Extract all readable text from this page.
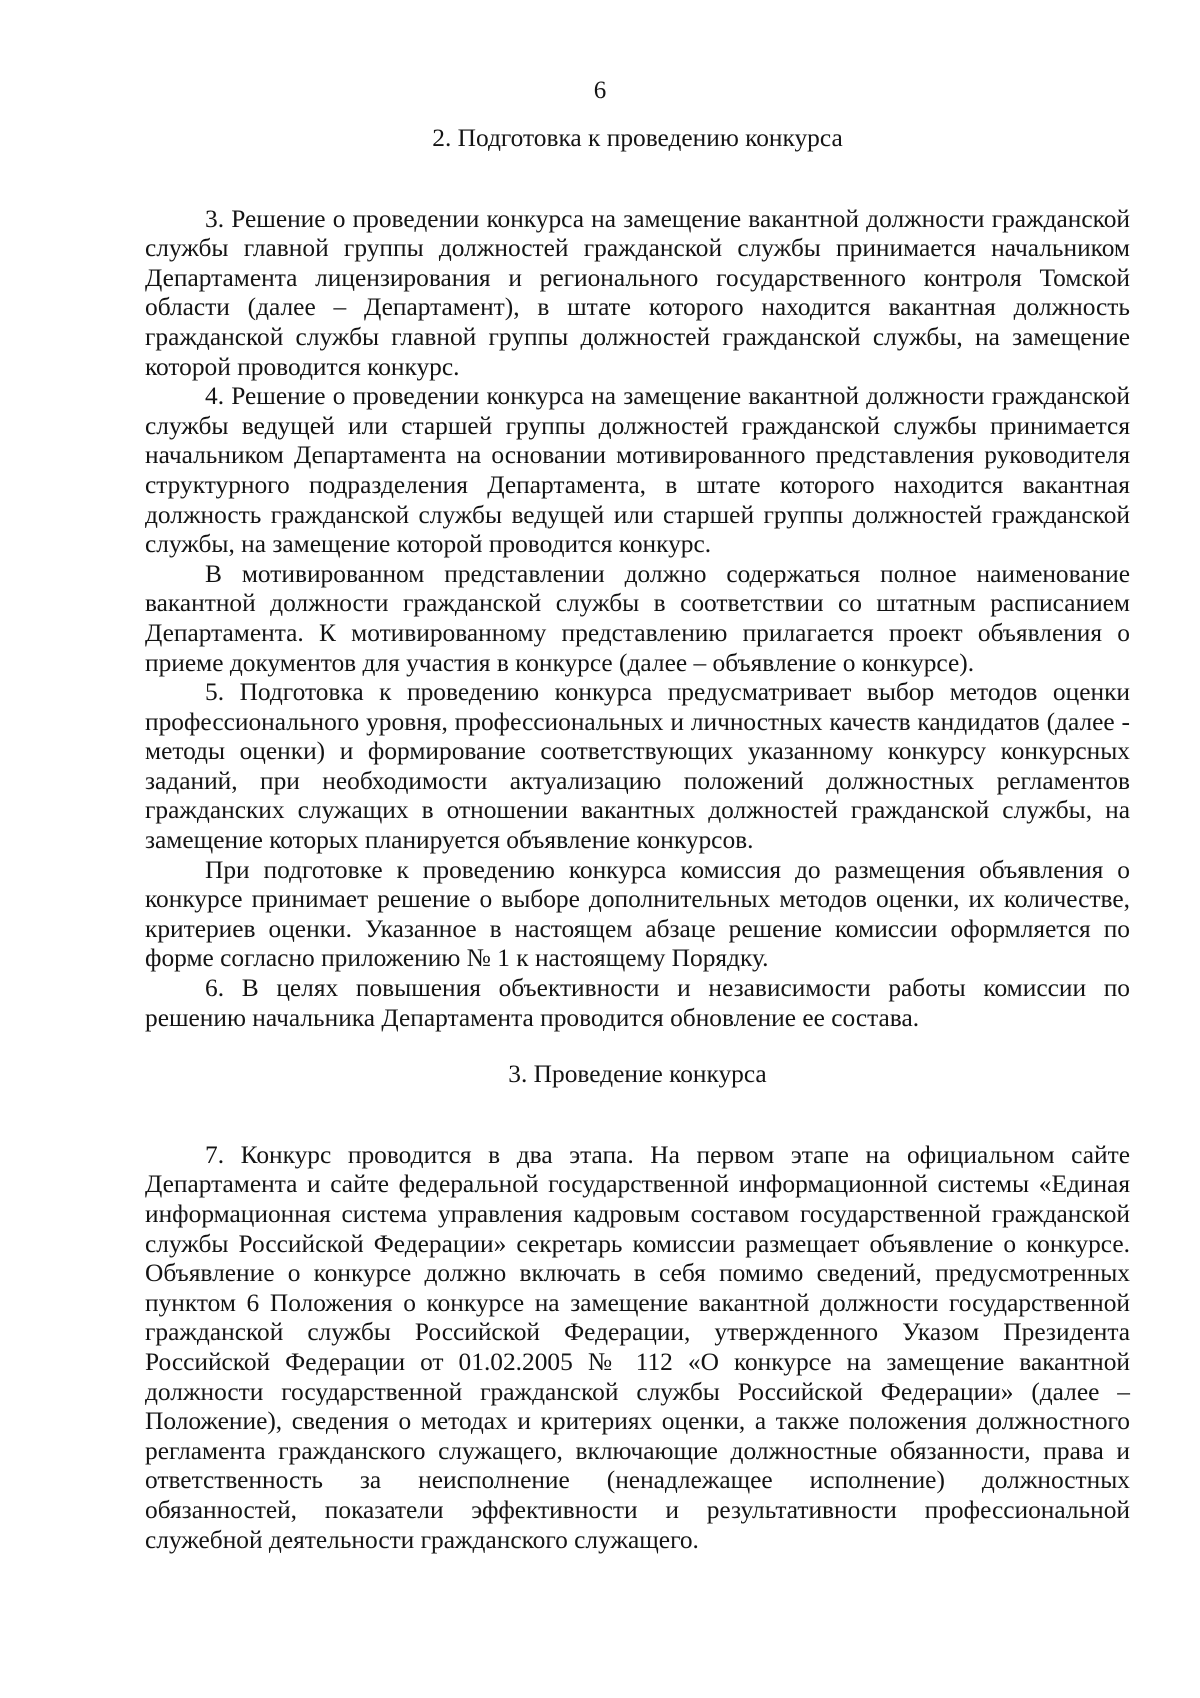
6
2. Подготовка к проведению конкурса

3. Решение о проведении конкурса на замещение вакантной должности гражданской службы главной группы должностей гражданской службы принимается начальником Департамента лицензирования и регионального государственного контроля Томской области (далее – Департамент), в штате которого находится вакантная должность гражданской службы главной группы должностей гражданской службы, на замещение которой проводится конкурс.

4. Решение о проведении конкурса на замещение вакантной должности гражданской службы ведущей или старшей группы должностей гражданской службы принимается начальником Департамента на основании мотивированного представления руководителя структурного подразделения Департамента, в штате которого находится вакантная должность гражданской службы ведущей или старшей группы должностей гражданской службы, на замещение которой проводится конкурс.

В мотивированном представлении должно содержаться полное наименование вакантной должности гражданской службы в соответствии со штатным расписанием Департамента. К мотивированному представлению прилагается проект объявления о приеме документов для участия в конкурсе (далее – объявление о конкурсе).

5. Подготовка к проведению конкурса предусматривает выбор методов оценки профессионального уровня, профессиональных и личностных качеств кандидатов (далее - методы оценки) и формирование соответствующих указанному конкурсу конкурсных заданий, при необходимости актуализацию положений должностных регламентов гражданских служащих в отношении вакантных должностей гражданской службы, на замещение которых планируется объявление конкурсов.

При подготовке к проведению конкурса комиссия до размещения объявления о конкурсе принимает решение о выборе дополнительных методов оценки, их количестве, критериев оценки. Указанное в настоящем абзаце решение комиссии оформляется по форме согласно приложению № 1 к настоящему Порядку.

6. В целях повышения объективности и независимости работы комиссии по решению начальника Департамента проводится обновление ее состава.

3. Проведение конкурса

7. Конкурс проводится в два этапа. На первом этапе на официальном сайте Департамента и сайте федеральной государственной информационной системы «Единая информационная система управления кадровым составом государственной гражданской службы Российской Федерации» секретарь комиссии размещает объявление о конкурсе. Объявление о конкурсе должно включать в себя помимо сведений, предусмотренных пунктом 6 Положения о конкурсе на замещение вакантной должности государственной гражданской службы Российской Федерации, утвержденного Указом Президента Российской Федерации от 01.02.2005 № 112 «О конкурсе на замещение вакантной должности государственной гражданской службы Российской Федерации» (далее – Положение), сведения о методах и критериях оценки, а также положения должностного регламента гражданского служащего, включающие должностные обязанности, права и ответственность за неисполнение (ненадлежащее исполнение) должностных обязанностей, показатели эффективности и результативности профессиональной служебной деятельности гражданского служащего.
